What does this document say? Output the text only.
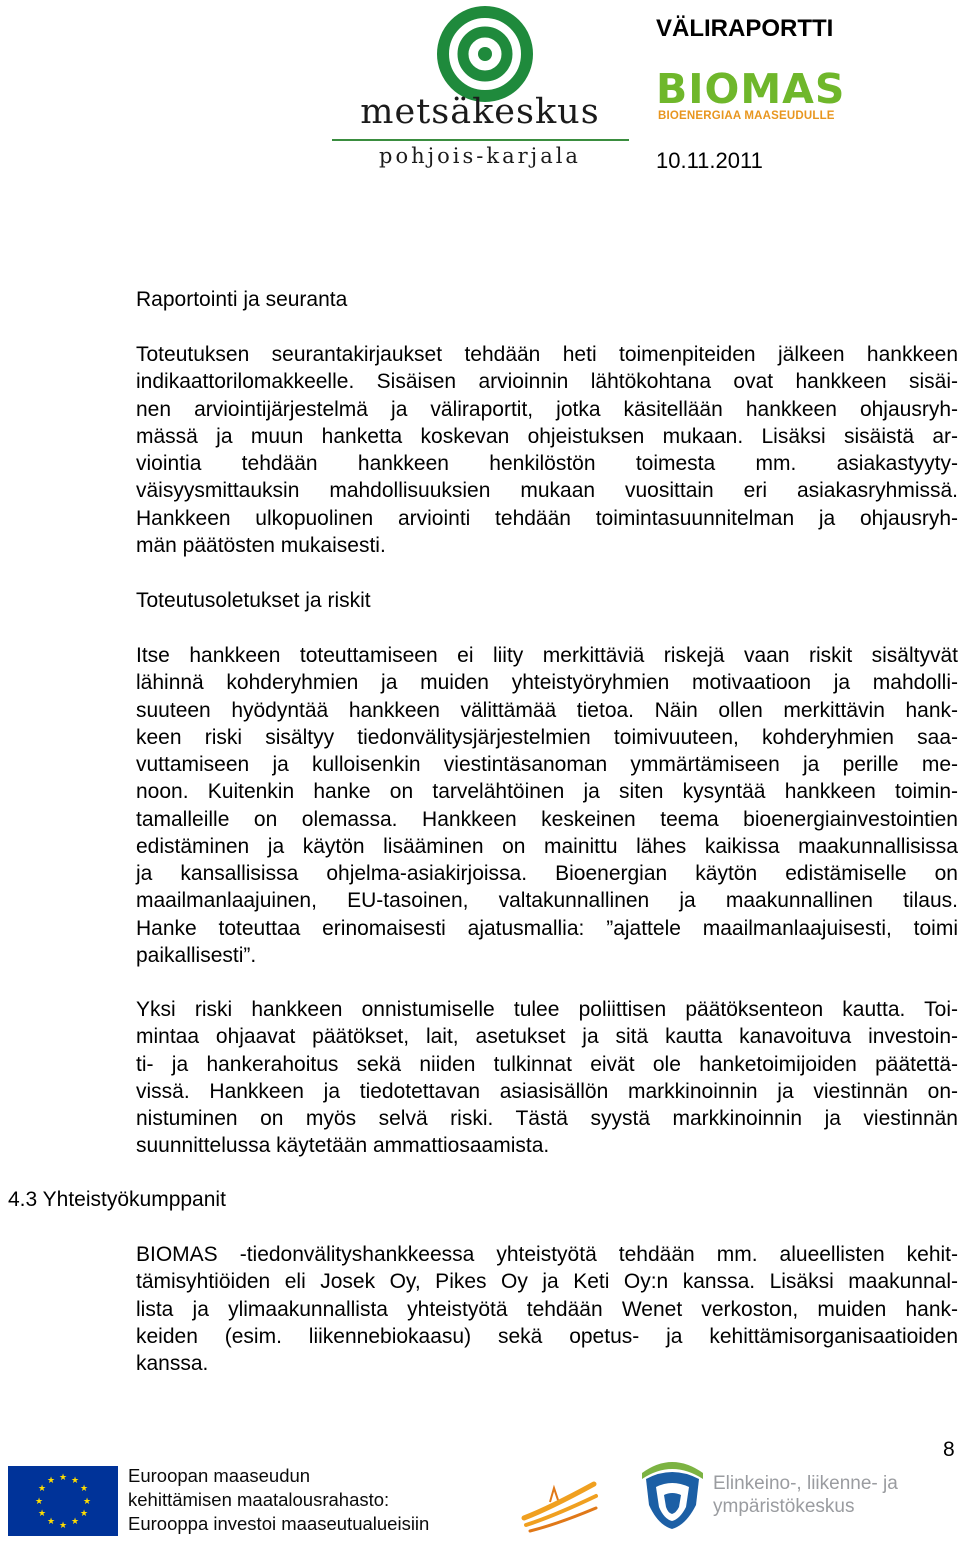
metsäkeskus
pohjois-karjala
VÄLIRAPORTTI
BIOMAS
BIOENERGIAA MAASEUDULLE
10.11.2011
Raportointi ja seuranta
Toteutuksen seurantakirjaukset tehdään heti toimenpiteiden jälkeen hankkeen
indikaattorilomakkeelle. Sisäisen arvioinnin lähtökohtana ovat hankkeen sisäi-
nen arviointijärjestelmä ja väliraportit, jotka käsitellään hankkeen ohjausryh-
mässä ja muun hanketta koskevan ohjeistuksen mukaan. Lisäksi sisäistä ar-
viointia tehdään hankkeen henkilöstön toimesta mm. asiakastyyty-
väisyysmittauksin mahdollisuuksien mukaan vuosittain eri asiakasryhmissä.
Hankkeen ulkopuolinen arviointi tehdään toimintasuunnitelman ja ohjausryh-
män päätösten mukaisesti.
Toteutusoletukset ja riskit
Itse hankkeen toteuttamiseen ei liity merkittäviä riskejä vaan riskit sisältyvät
lähinnä kohderyhmien ja muiden yhteistyöryhmien motivaatioon ja mahdolli-
suuteen hyödyntää hankkeen välittämää tietoa. Näin ollen merkittävin hank-
keen riski sisältyy tiedonvälitysjärjestelmien toimivuuteen, kohderyhmien saa-
vuttamiseen ja kulloisenkin viestintäsanoman ymmärtämiseen ja perille me-
noon. Kuitenkin hanke on tarvelähtöinen ja siten kysyntää hankkeen toimin-
tamalleille on olemassa. Hankkeen keskeinen teema bioenergiainvestointien
edistäminen ja käytön lisääminen on mainittu lähes kaikissa maakunnallisissa
ja kansallisissa ohjelma-asiakirjoissa. Bioenergian käytön edistämiselle on
maailmanlaajuinen, EU-tasoinen, valtakunnallinen ja maakunnallinen tilaus.
Hanke toteuttaa erinomaisesti ajatusmallia: ”ajattele maailmanlaajuisesti, toimi
paikallisesti”.
Yksi riski hankkeen onnistumiselle tulee poliittisen päätöksenteon kautta. Toi-
mintaa ohjaavat päätökset, lait, asetukset ja sitä kautta kanavoituva investoin-
ti- ja hankerahoitus sekä niiden tulkinnat eivät ole hanketoimijoiden päätettä-
vissä. Hankkeen ja tiedotettavan asiasisällön markkinoinnin ja viestinnän on-
nistuminen on myös selvä riski. Tästä syystä markkinoinnin ja viestinnän
suunnittelussa käytetään ammattiosaamista.
4.3 Yhteistyökumppanit
BIOMAS -tiedonvälityshankkeessa yhteistyötä tehdään mm. alueellisten kehit-
tämisyhtiöiden eli Josek Oy, Pikes Oy ja Keti Oy:n kanssa. Lisäksi maakunnal-
lista ja ylimaakunnallista yhteistyötä tehdään Wenet verkoston, muiden hank-
keiden (esim. liikennebiokaasu) sekä opetus- ja kehittämisorganisaatioiden
kanssa.
8
★ ★
★
★
★
★
★
★
★
★
★
★	Euroopan maaseudun
kehittämisen maatalousrahasto:
Eurooppa investoi maaseutualueisiin
Elinkeino-, liikenne- ja
ympäristökeskus
